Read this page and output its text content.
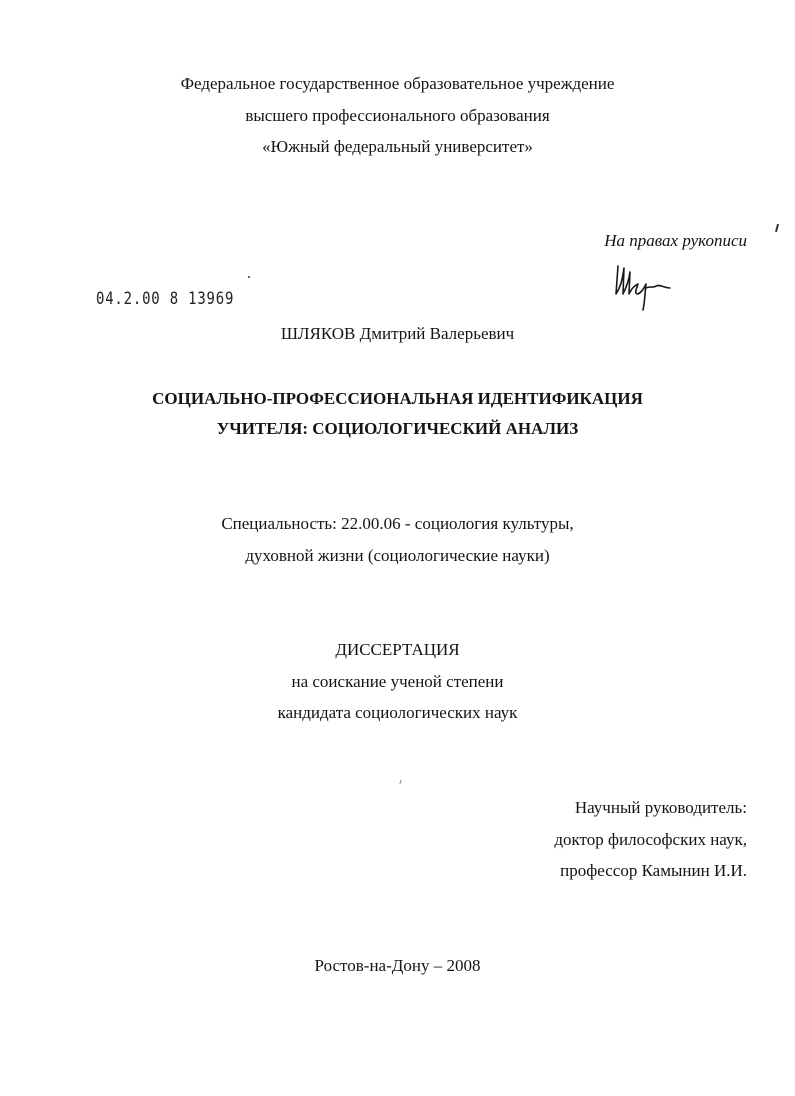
Федеральное государственное образовательное учреждение
высшего профессионального образования
«Южный федеральный университет»
На правах рукописи
04.2.00 8 13969
ШЛЯКОВ Дмитрий Валерьевич
СОЦИАЛЬНО-ПРОФЕССИОНАЛЬНАЯ ИДЕНТИФИКАЦИЯ
УЧИТЕЛЯ: СОЦИОЛОГИЧЕСКИЙ АНАЛИЗ
Специальность: 22.00.06 - социология культуры,
духовной жизни (социологические науки)
ДИССЕРТАЦИЯ
на соискание ученой степени
кандидата социологических наук
Научный руководитель:
доктор философских наук,
профессор Камынин И.И.
Ростов-на-Дону – 2008
